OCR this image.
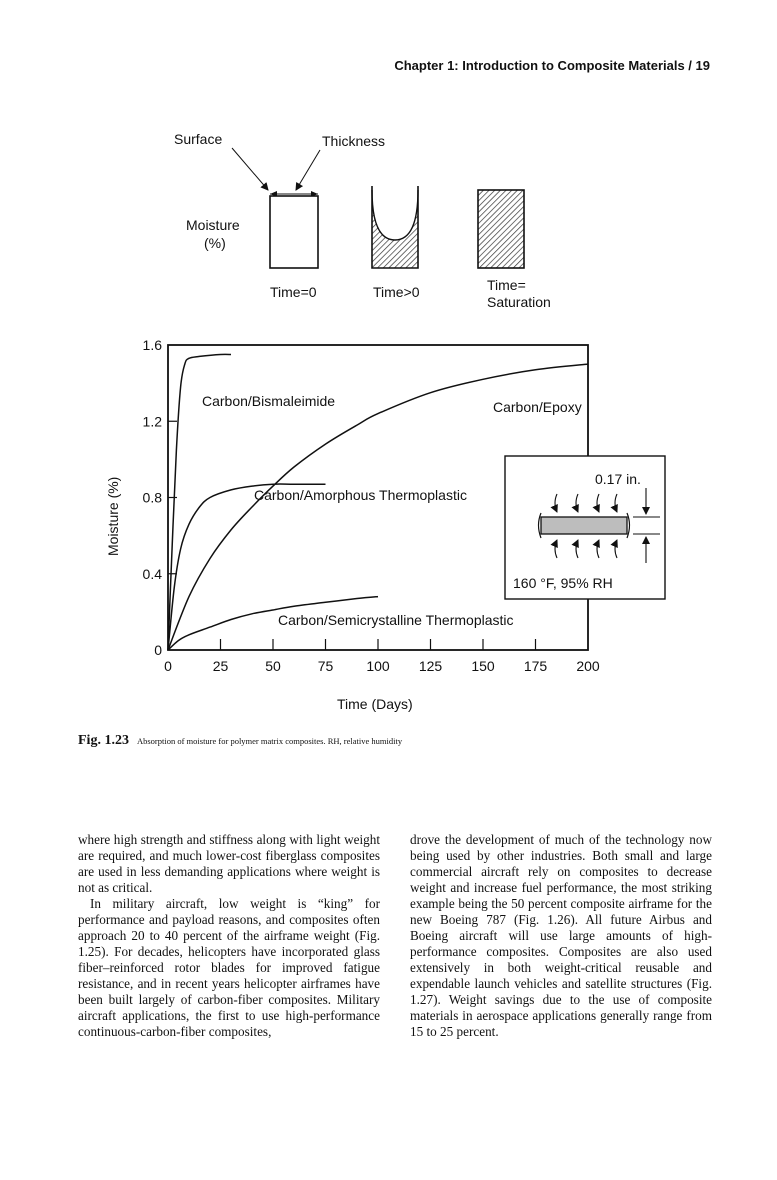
Chapter 1: Introduction to Composite Materials / 19
Surface	Thickness
Moisture
(%)
Time=0	Time>0	Time=
Saturation
0
0.4
0.8
1.2
1.6
0	25	50	75 100 125 150 175 200
Carbon/Bismaleimide	Carbon/Epoxy
Carbon/Amorphous Thermoplastic
Carbon/Semicrystalline Thermoplastic
Moisture (%)
Time (Days)
0.17 in.
160 °F, 95% RH
Fig. 1.23 Absorption of moisture for polymer matrix composites. RH, relative humidity

where high strength and stiffness along with light weight are required, and much lower-cost fiberglass composites are used in less demanding applications where weight is not as critical.

In military aircraft, low weight is “king” for performance and payload reasons, and composites often approach 20 to 40 percent of the airframe weight (Fig. 1.25). For decades, helicopters have incorporated glass fiber–reinforced rotor blades for improved fatigue resistance, and in recent years helicopter airframes have been built largely of carbon-fiber composites. Military aircraft applications, the first to use high-performance continuous-carbon-fiber composites,

drove the development of much of the technology now being used by other industries. Both small and large commercial aircraft rely on composites to decrease weight and increase fuel performance, the most striking example being the 50 percent composite airframe for the new Boeing 787 (Fig. 1.26). All future Airbus and Boeing aircraft will use large amounts of high-performance composites. Composites are also used extensively in both weight-critical reusable and expendable launch vehicles and satellite structures (Fig. 1.27). Weight savings due to the use of composite materials in aerospace applications generally range from 15 to 25 percent.
